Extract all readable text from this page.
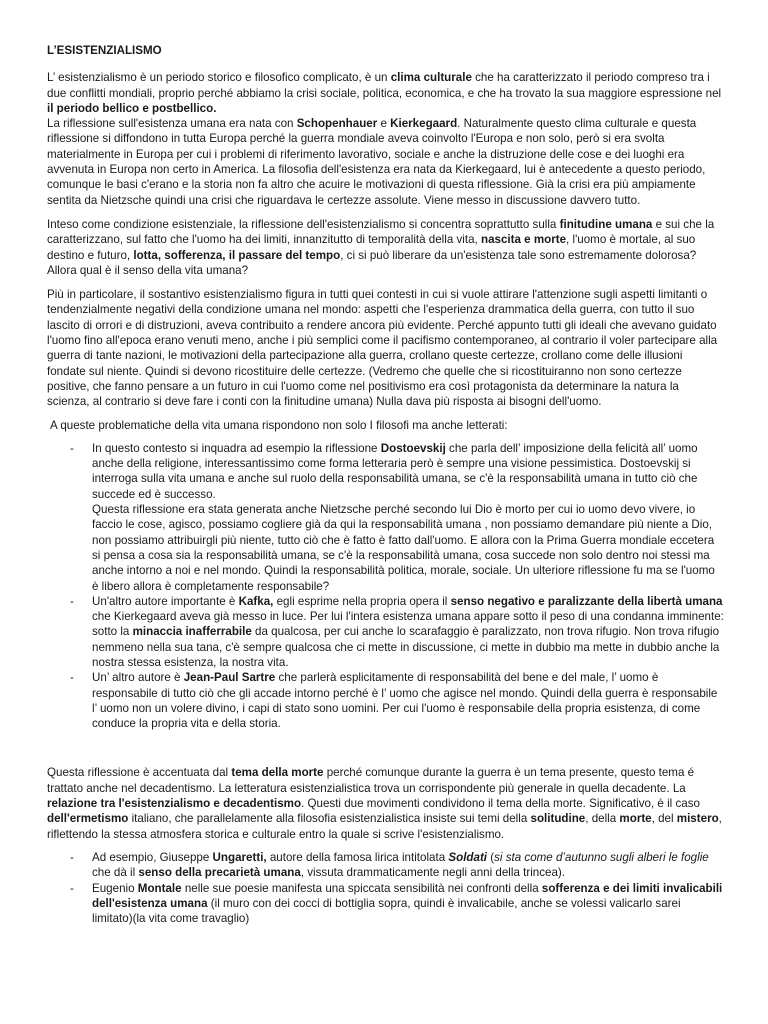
L’ESISTENZIALISMO

L’ esistenzialismo è un periodo storico e filosofico complicato, è un clima culturale che ha caratterizzato il periodo compreso tra i due conflitti mondiali, proprio perché abbiamo la crisi sociale, politica, economica, e che ha trovato la sua maggiore espressione nel il periodo bellico e postbellico.
La riflessione sull'esistenza umana era nata con Schopenhauer e Kierkegaard. Naturalmente questo clima culturale e questa riflessione si diffondono in tutta Europa perché la guerra mondiale aveva coinvolto l'Europa e non solo, però si era svolta materialmente in Europa per cui i problemi di riferimento lavorativo, sociale e anche la distruzione delle cose e dei luoghi era avvenuta in Europa non certo in America. La filosofia dell'esistenza era nata da Kierkegaard, lui è antecedente a questo periodo, comunque le basi c'erano e la storia non fa altro che acuire le motivazioni di questa riflessione. Già la crisi era più ampiamente sentita da Nietzsche quindi una crisi che riguardava le certezze assolute. Viene messo in discussione davvero tutto.

Inteso come condizione esistenziale, la riflessione dell'esistenzialismo si concentra soprattutto sulla finitudine umana e sui che la caratterizzano, sul fatto che l'uomo ha dei limiti, innanzitutto di temporalità della vita, nascita e morte, l'uomo è mortale, al suo destino e futuro, lotta, sofferenza, il passare del tempo, ci si può liberare da un'esistenza tale sono estremamente dolorosa? Allora qual è il senso della vita umana?

Più in particolare, il sostantivo esistenzialismo figura in tutti quei contesti in cui si vuole attirare l'attenzione sugli aspetti limitanti o tendenzialmente negativi della condizione umana nel mondo: aspetti che l'esperienza drammatica della guerra, con tutto il suo lascito di orrori e di distruzioni, aveva contribuito a rendere ancora più evidente. Perché appunto tutti gli ideali che avevano guidato l'uomo fino all'epoca erano venuti meno, anche i più semplici come il pacifismo contemporaneo, al contrario il voler partecipare alla guerra di tante nazioni, le motivazioni della partecipazione alla guerra, crollano queste certezze, crollano come delle illusioni fondate sul niente. Quindi si devono ricostituire delle certezze. (Vedremo che quelle che si ricostituiranno non sono certezze positive, che fanno pensare a un futuro in cui l'uomo come nel positivismo era così protagonista da determinare la natura la scienza, al contrario si deve fare i conti con la finitudine umana) Nulla dava più risposta ai bisogni dell'uomo.

A queste problematiche della vita umana rispondono non solo I filosofi ma anche letterati:

- In questo contesto si inquadra ad esempio la riflessione Dostoevskij che parla dell’ imposizione della felicità all’ uomo anche della religione, interessantissimo come forma letteraria però è sempre una visione pessimistica. Dostoevskij si interroga sulla vita umana e anche sul ruolo della responsabilità umana, se c'è la responsabilità umana in tutto ciò che succede ed è successo.
Questa riflessione era stata generata anche Nietzsche perché secondo lui Dio è morto per cui io uomo devo vivere, io faccio le cose, agisco, possiamo cogliere già da qui la responsabilità umana , non possiamo demandare più niente a Dio, non possiamo attribuirgli più niente, tutto ciò che è fatto è fatto dall'uomo. E allora con la Prima Guerra mondiale eccetera si pensa a cosa sia la responsabilità umana, se c'è la responsabilità umana, cosa succede non solo dentro noi stessi ma anche intorno a noi e nel mondo. Quindi la responsabilità politica, morale, sociale. Un ulteriore riflessione fu ma se l'uomo è libero allora è completamente responsabile?
- Un'altro autore importante è Kafka, egli esprime nella propria opera il senso negativo e paralizzante della libertà umana che Kierkegaard aveva già messo in luce. Per lui l'intera esistenza umana appare sotto il peso di una condanna imminente: sotto la minaccia inafferrabile da qualcosa, per cui anche lo scarafaggio è paralizzato, non trova rifugio. Non trova rifugio nemmeno nella sua tana, c'è sempre qualcosa che ci mette in discussione, ci mette in dubbio ma mette in dubbio anche la nostra stessa esistenza, la nostra vita.
- Un’ altro autore è Jean-Paul Sartre che parlerà esplicitamente di responsabilità del bene e del male, l’ uomo è responsabile di tutto ciò che gli accade intorno perché è l’ uomo che agisce nel mondo. Quindi della guerra è responsabile l’ uomo non un volere divino, i capi di stato sono uomini. Per cui l'uomo è responsabile della propria esistenza, di come conduce la propria vita e della storia.

Questa riflessione è accentuata dal tema della morte perché comunque durante la guerra è un tema presente, questo tema é trattato anche nel decadentismo. La letteratura esistenzialistica trova un corrispondente più generale in quella decadente. La relazione tra l'esistenzialismo e decadentismo. Questi due movimenti condividono il tema della morte. Significativo, è il caso dell'ermetismo italiano, che parallelamente alla filosofia esistenzialistica insiste sui temi della solitudine, della morte, del mistero, riflettendo la stessa atmosfera storica e culturale entro la quale si scrive l'esistenzialismo.

- Ad esempio, Giuseppe Ungaretti, autore della famosa lirica intitolata Soldati (si sta come d’autunno sugli alberi le foglie che dà il senso della precarietà umana, vissuta drammaticamente negli anni della trincea).
- Eugenio Montale nelle sue poesie manifesta una spiccata sensibilità nei confronti della sofferenza e dei limiti invalicabili dell'esistenza umana (il muro con dei cocci di bottiglia sopra, quindi è invalicabile, anche se volessi valicarlo sarei limitato)(la vita come travaglio)
